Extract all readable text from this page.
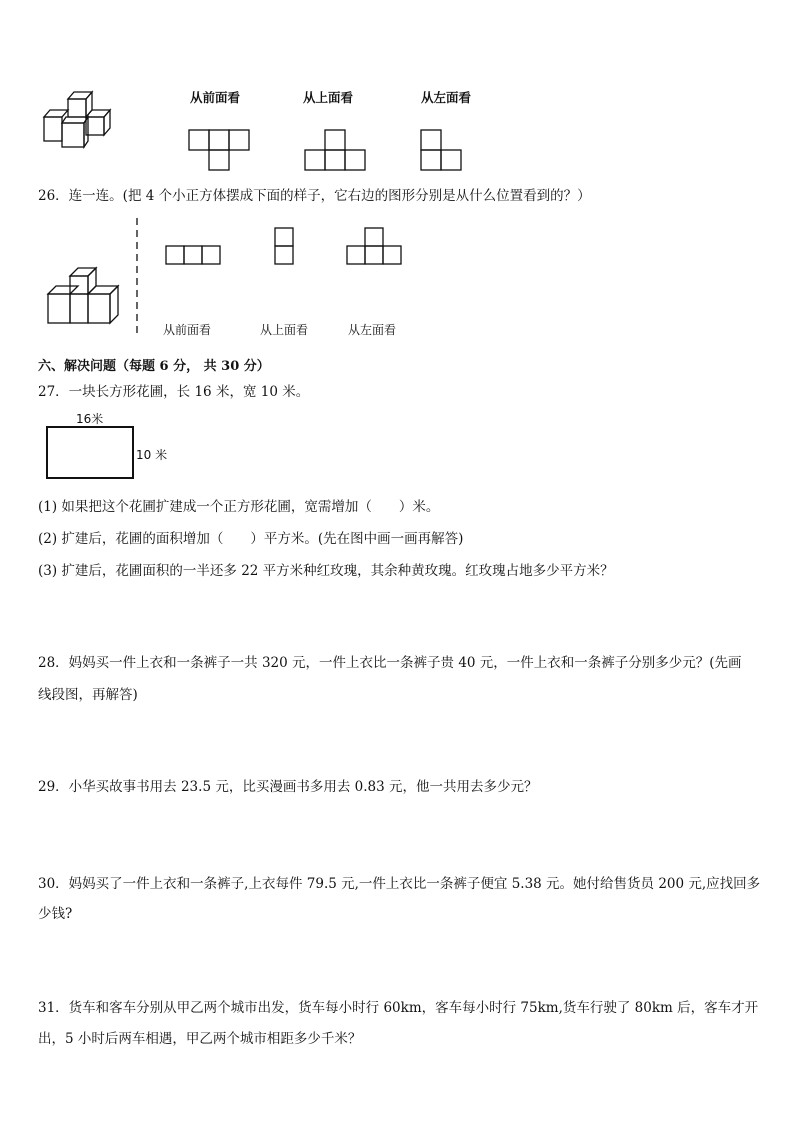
从前面看	从上面看	从左面看
26．连一连。(把 4 个小正方体摆成下面的样子，它右边的图形分别是从什么位置看到的？）
从前面看	从上面看	从左面看
六、解决问题（每题 6 分， 共 30 分）
27．一块长方形花圃，长 16 米，宽 10 米。
16米
10 米
(1) 如果把这个花圃扩建成一个正方形花圃，宽需增加（　　）米。
(2) 扩建后，花圃的面积增加（　　）平方米。(先在图中画一画再解答)
(3) 扩建后，花圃面积的一半还多 22 平方米种红玫瑰，其余种黄玫瑰。红玫瑰占地多少平方米？
28．妈妈买一件上衣和一条裤子一共 320 元，一件上衣比一条裤子贵 40 元，一件上衣和一条裤子分别多少元？(先画
线段图，再解答)
29．小华买故事书用去 23.5 元，比买漫画书多用去 0.83 元，他一共用去多少元？
30．妈妈买了一件上衣和一条裤子,上衣每件 79.5 元,一件上衣比一条裤子便宜 5.38 元。她付给售货员 200 元,应找回多
少钱?
31．货车和客车分别从甲乙两个城市出发，货车每小时行 60km，客车每小时行 75km,货车行驶了 80km 后，客车才开
出，5 小时后两车相遇，甲乙两个城市相距多少千米？
